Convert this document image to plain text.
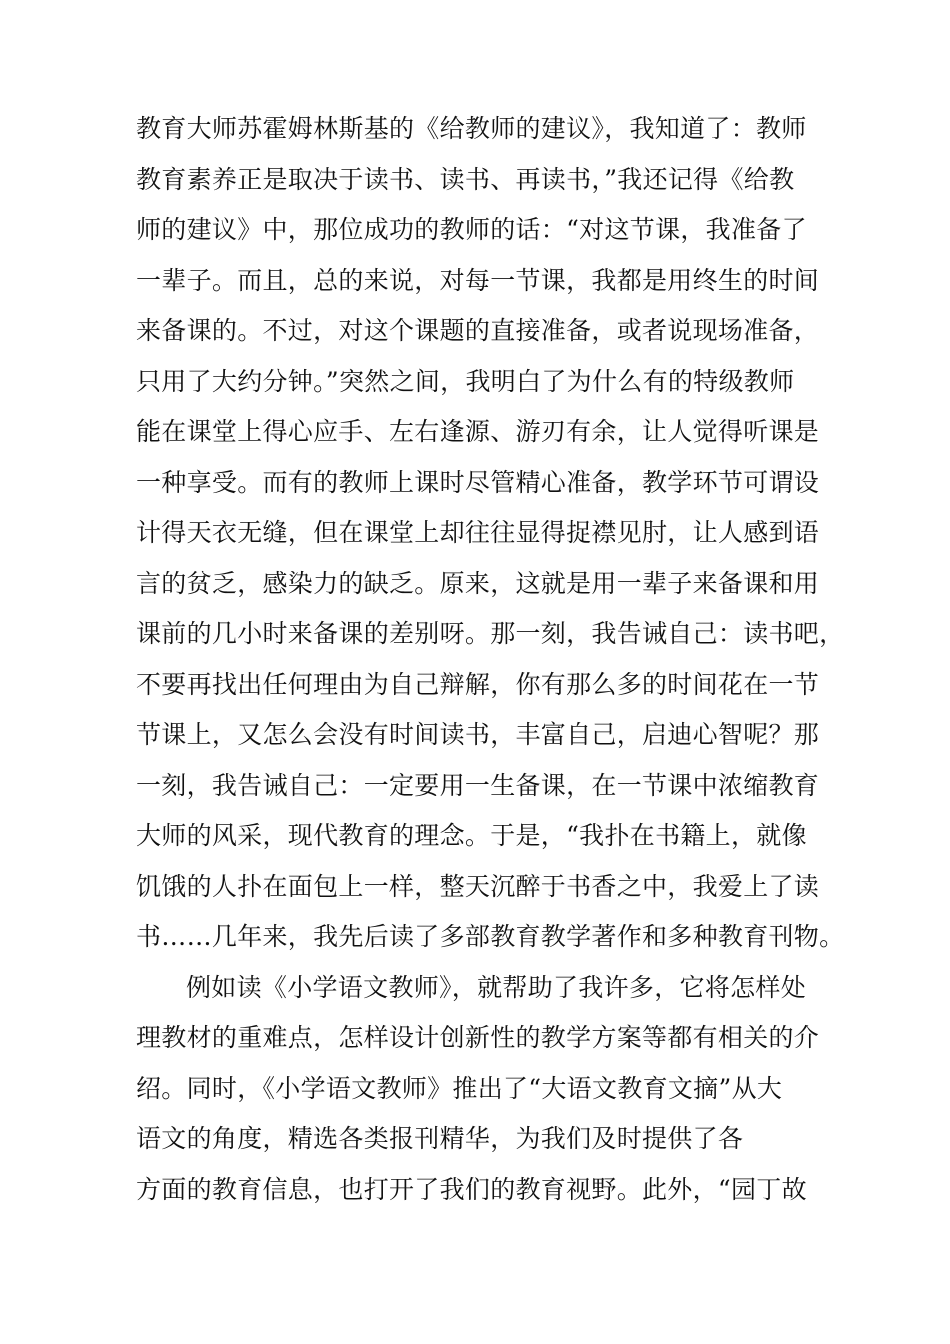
教育大师苏霍姆林斯基的《给教师的建议》，我知道了：教师
教育素养正是取决于读书、读书、再读书，”我还记得《给教
师的建议》中，那位成功的教师的话：“对这节课，我准备了
一辈子。而且，总的来说，对每一节课，我都是用终生的时间
来备课的。不过，对这个课题的直接准备，或者说现场准备，
只用了大约分钟。”突然之间，我明白了为什么有的特级教师
能在课堂上得心应手、左右逢源、游刃有余，让人觉得听课是
一种享受。而有的教师上课时尽管精心准备，教学环节可谓设
计得天衣无缝，但在课堂上却往往显得捉襟见肘，让人感到语
言的贫乏，感染力的缺乏。原来，这就是用一辈子来备课和用
课前的几小时来备课的差别呀。那一刻，我告诫自己：读书吧，
不要再找出任何理由为自己辩解，你有那么多的时间花在一节
节课上，又怎么会没有时间读书，丰富自己，启迪心智呢？那
一刻，我告诫自己：一定要用一生备课，在一节课中浓缩教育
大师的风采，现代教育的理念。于是，“我扑在书籍上，就像
饥饿的人扑在面包上一样，整天沉醉于书香之中，我爱上了读
书……几年来，我先后读了多部教育教学著作和多种教育刊物。
例如读《小学语文教师》，就帮助了我许多，它将怎样处
理教材的重难点，怎样设计创新性的教学方案等都有相关的介
绍。同时，《小学语文教师》推出了“大语文教育文摘”从大
语文的角度，精选各类报刊精华，为我们及时提供了各
方面的教育信息，也打开了我们的教育视野。此外，“园丁故
